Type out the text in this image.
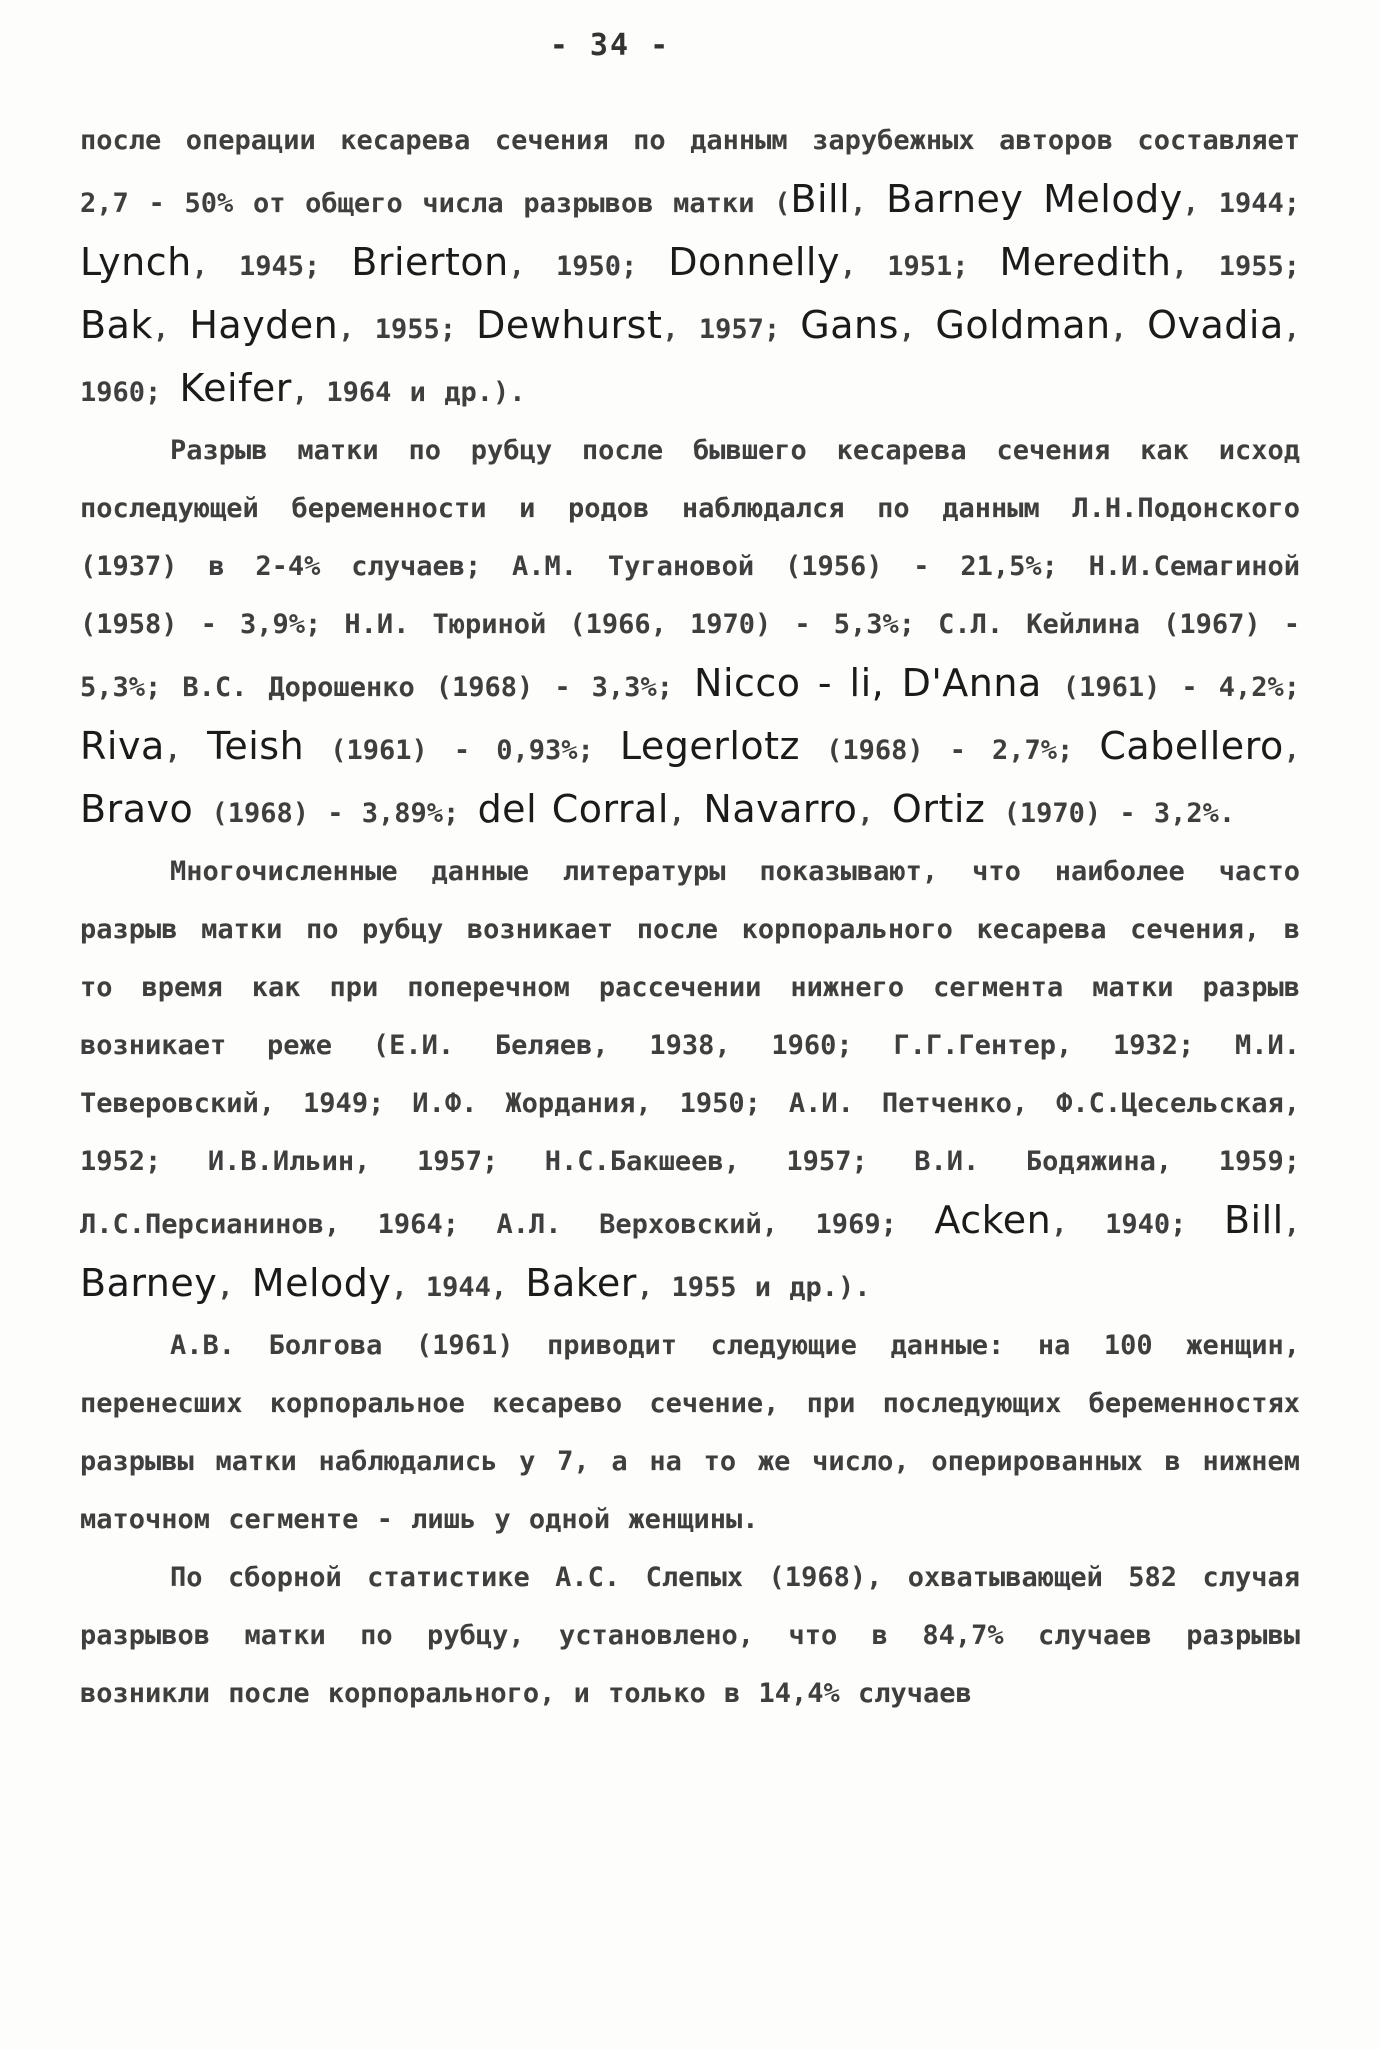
- 34 -

после операции кесарева сечения по данным зарубежных авторов составляет 2,7 - 50% от общего числа разрывов матки (Bill, Barney Melody, 1944; Lynch, 1945; Brierton, 1950; Donnelly, 1951; Meredith, 1955; Bak, Hayden, 1955; Dewhurst, 1957; Gans, Goldman, Ovadia, 1960; Keifer, 1964 и др.).

Разрыв матки по рубцу после бывшего кесарева сечения как исход последующей беременности и родов наблюдался по данным Л.Н.Подонского (1937) в 2-4% случаев; А.М. Тугановой (1956) - 21,5%; Н.И.Семагиной (1958) - 3,9%; Н.И. Тюриной (1966, 1970) - 5,3%; С.Л. Кейлина (1967) - 5,3%; В.С. Дорошенко (1968) - 3,3%; Nicco - li, D'Anna (1961) - 4,2%; Riva, Teish (1961) - 0,93%; Legerlotz (1968) - 2,7%; Cabellero, Bravo (1968) - 3,89%; del Corral, Navarro, Ortiz (1970) - 3,2%.

Многочисленные данные литературы показывают, что наиболее часто разрыв матки по рубцу возникает после корпорального кесарева сечения, в то время как при поперечном рассечении нижнего сегмента матки разрыв возникает реже (Е.И. Беляев, 1938, 1960; Г.Г.Гентер, 1932; М.И. Теверовский, 1949; И.Ф. Жордания, 1950; А.И. Петченко, Ф.С.Цесельская, 1952; И.В.Ильин, 1957; Н.С.Бакшеев, 1957; В.И. Бодяжина, 1959; Л.С.Персианинов, 1964; А.Л. Верховский, 1969; Acken, 1940; Bill, Barney, Melody, 1944, Baker, 1955 и др.).

А.В. Болгова (1961) приводит следующие данные: на 100 женщин, перенесших корпоральное кесарево сечение, при последующих беременностях разрывы матки наблюдались у 7, а на то же число, оперированных в нижнем маточном сегменте - лишь у одной женщины.

По сборной статистике А.С. Слепых (1968), охватывающей 582 случая разрывов матки по рубцу, установлено, что в 84,7% случаев разрывы возникли после корпорального, и только в 14,4% случаев
